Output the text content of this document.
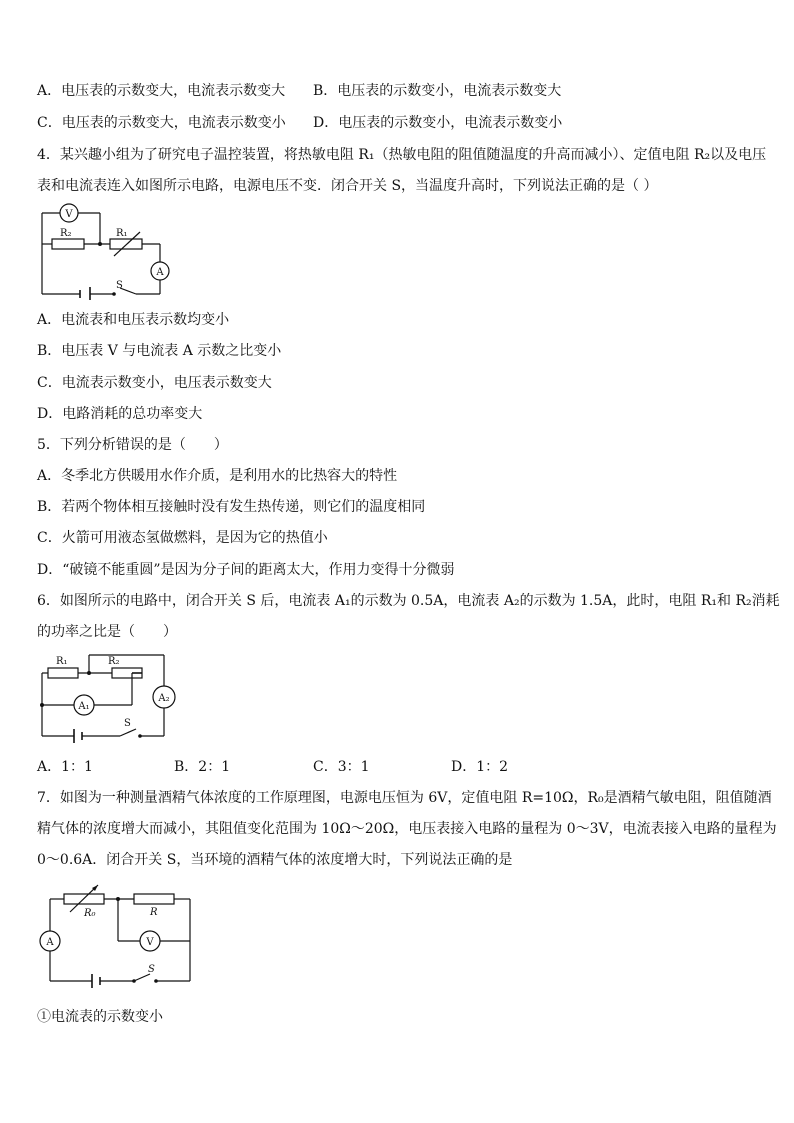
A．电压表的示数变大，电流表示数变大 B．电压表的示数变小，电流表示数变大
C．电压表的示数变大，电流表示数变小 D．电压表的示数变小，电流表示数变小
4．某兴趣小组为了研究电子温控装置，将热敏电阻 R₁（热敏电阻的阻值随温度的升高而减小）、定值电阻 R₂以及电压
表和电流表连入如图所示电路，电源电压不变．闭合开关 S，当温度升高时，下列说法正确的是（ ）
V
A
R₂	R₁
S
A．电流表和电压表示数均变小
B．电压表 V 与电流表 A 示数之比变小
C．电流表示数变小，电压表示数变大
D．电路消耗的总功率变大
5．下列分析错误的是（　　）
A．冬季北方供暖用水作介质，是利用水的比热容大的特性
B．若两个物体相互接触时没有发生热传递，则它们的温度相同
C．火箭可用液态氢做燃料，是因为它的热值小
D．“破镜不能重圆”是因为分子间的距离太大，作用力变得十分微弱
6．如图所示的电路中，闭合开关 S 后，电流表 A₁的示数为 0.5A，电流表 A₂的示数为 1.5A，此时，电阻 R₁和 R₂消耗
的功率之比是（　　）
R₁	R₂
A₁
A₂
S
A．1：1	B．2：1	C．3：1	D．1：2
7．如图为一种测量酒精气体浓度的工作原理图，电源电压恒为 6V，定值电阻 R=10Ω，R₀是酒精气敏电阻，阻值随酒
精气体的浓度增大而减小，其阻值变化范围为 10Ω～20Ω，电压表接入电路的量程为 0～3V，电流表接入电路的量程为
0～0.6A．闭合开关 S，当环境的酒精气体的浓度增大时，下列说法正确的是
R₀	R
A	V
S
①电流表的示数变小
